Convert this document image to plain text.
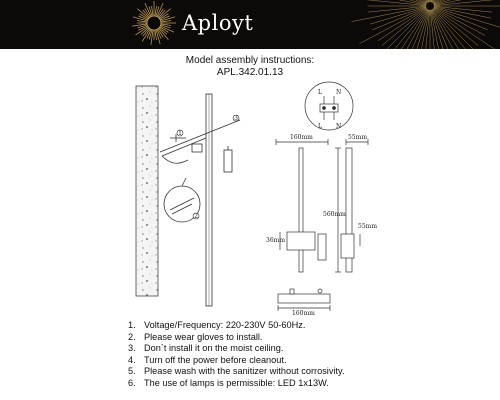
Aployt
Model assembly instructions:
APL.342.01.13
1
2
3
L N
L N
160mm
560mm
36mm
55mm
55mm
160mm
1. Voltage/Frequency: 220-230V 50-60Hz.
2. Please wear gloves to install.
3. Don`t install it on the moist ceiling.
4. Turn off the power before cleanout.
5. Please wash with the sanitizer without corrosivity.
6. The use of lamps is permissible: LED 1x13W.
